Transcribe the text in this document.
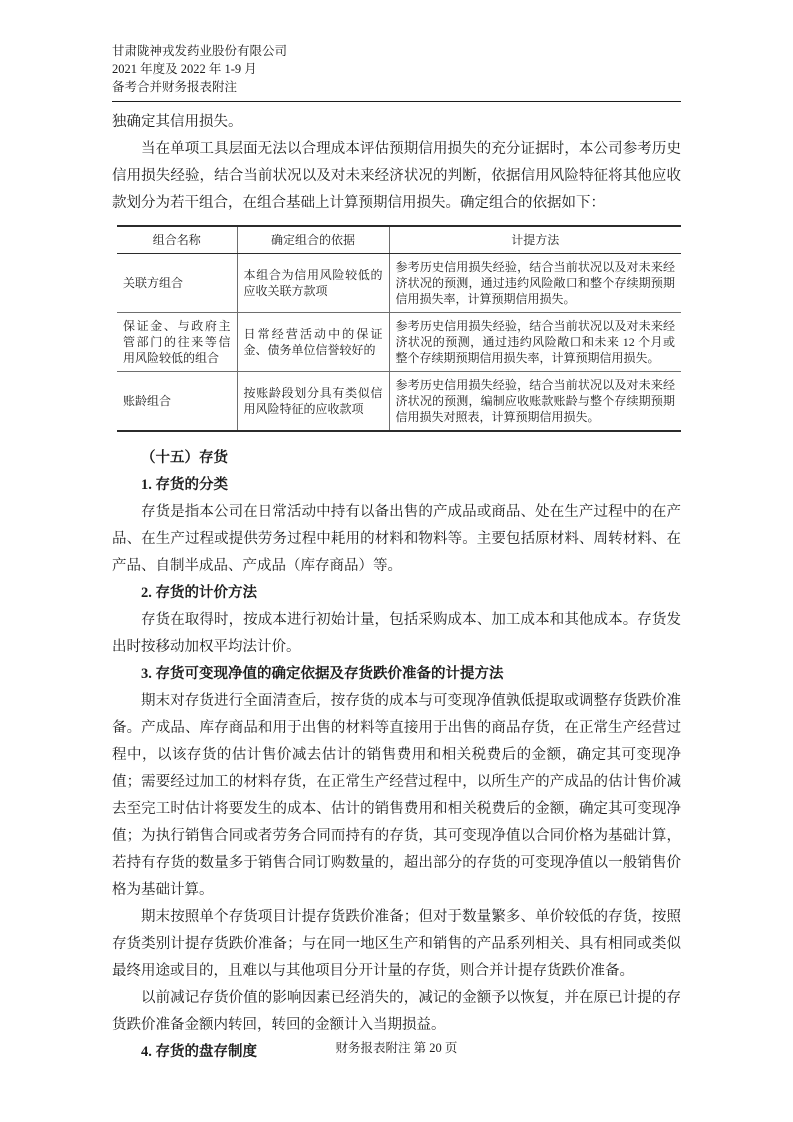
甘肃陇神戎发药业股份有限公司
2021 年度及 2022 年 1-9 月
备考合并财务报表附注

独确定其信用损失。

当在单项工具层面无法以合理成本评估预期信用损失的充分证据时，本公司参考历史信用损失经验，结合当前状况以及对未来经济状况的判断，依据信用风险特征将其他应收款划分为若干组合，在组合基础上计算预期信用损失。确定组合的依据如下：

组合名称	确定组合的依据	计提方法
关联方组合	本组合为信用风险较低的应收关联方款项	参考历史信用损失经验，结合当前状况以及对未来经济状况的预测，通过违约风险敞口和整个存续期预期信用损失率，计算预期信用损失。
保证金、与政府主管部门的往来等信用风险较低的组合	日常经营活动中的保证金、债务单位信誉较好的	参考历史信用损失经验，结合当前状况以及对未来经济状况的预测，通过违约风险敞口和未来 12 个月或整个存续期预期信用损失率，计算预期信用损失。
账龄组合	按账龄段划分具有类似信用风险特征的应收款项	参考历史信用损失经验，结合当前状况以及对未来经济状况的预测，编制应收账款账龄与整个存续期预期信用损失对照表，计算预期信用损失。

（十五）存货

1. 存货的分类

存货是指本公司在日常活动中持有以备出售的产成品或商品、处在生产过程中的在产品、在生产过程或提供劳务过程中耗用的材料和物料等。主要包括原材料、周转材料、在产品、自制半成品、产成品（库存商品）等。

2. 存货的计价方法

存货在取得时，按成本进行初始计量，包括采购成本、加工成本和其他成本。存货发出时按移动加权平均法计价。

3. 存货可变现净值的确定依据及存货跌价准备的计提方法

期末对存货进行全面清查后，按存货的成本与可变现净值孰低提取或调整存货跌价准备。产成品、库存商品和用于出售的材料等直接用于出售的商品存货，在正常生产经营过程中，以该存货的估计售价减去估计的销售费用和相关税费后的金额，确定其可变现净值；需要经过加工的材料存货，在正常生产经营过程中，以所生产的产成品的估计售价减去至完工时估计将要发生的成本、估计的销售费用和相关税费后的金额，确定其可变现净值；为执行销售合同或者劳务合同而持有的存货，其可变现净值以合同价格为基础计算，若持有存货的数量多于销售合同订购数量的，超出部分的存货的可变现净值以一般销售价格为基础计算。

期末按照单个存货项目计提存货跌价准备；但对于数量繁多、单价较低的存货，按照存货类别计提存货跌价准备；与在同一地区生产和销售的产品系列相关、具有相同或类似最终用途或目的，且难以与其他项目分开计量的存货，则合并计提存货跌价准备。

以前减记存货价值的影响因素已经消失的，减记的金额予以恢复，并在原已计提的存货跌价准备金额内转回，转回的金额计入当期损益。

4. 存货的盘存制度	财务报表附注 第 20 页
